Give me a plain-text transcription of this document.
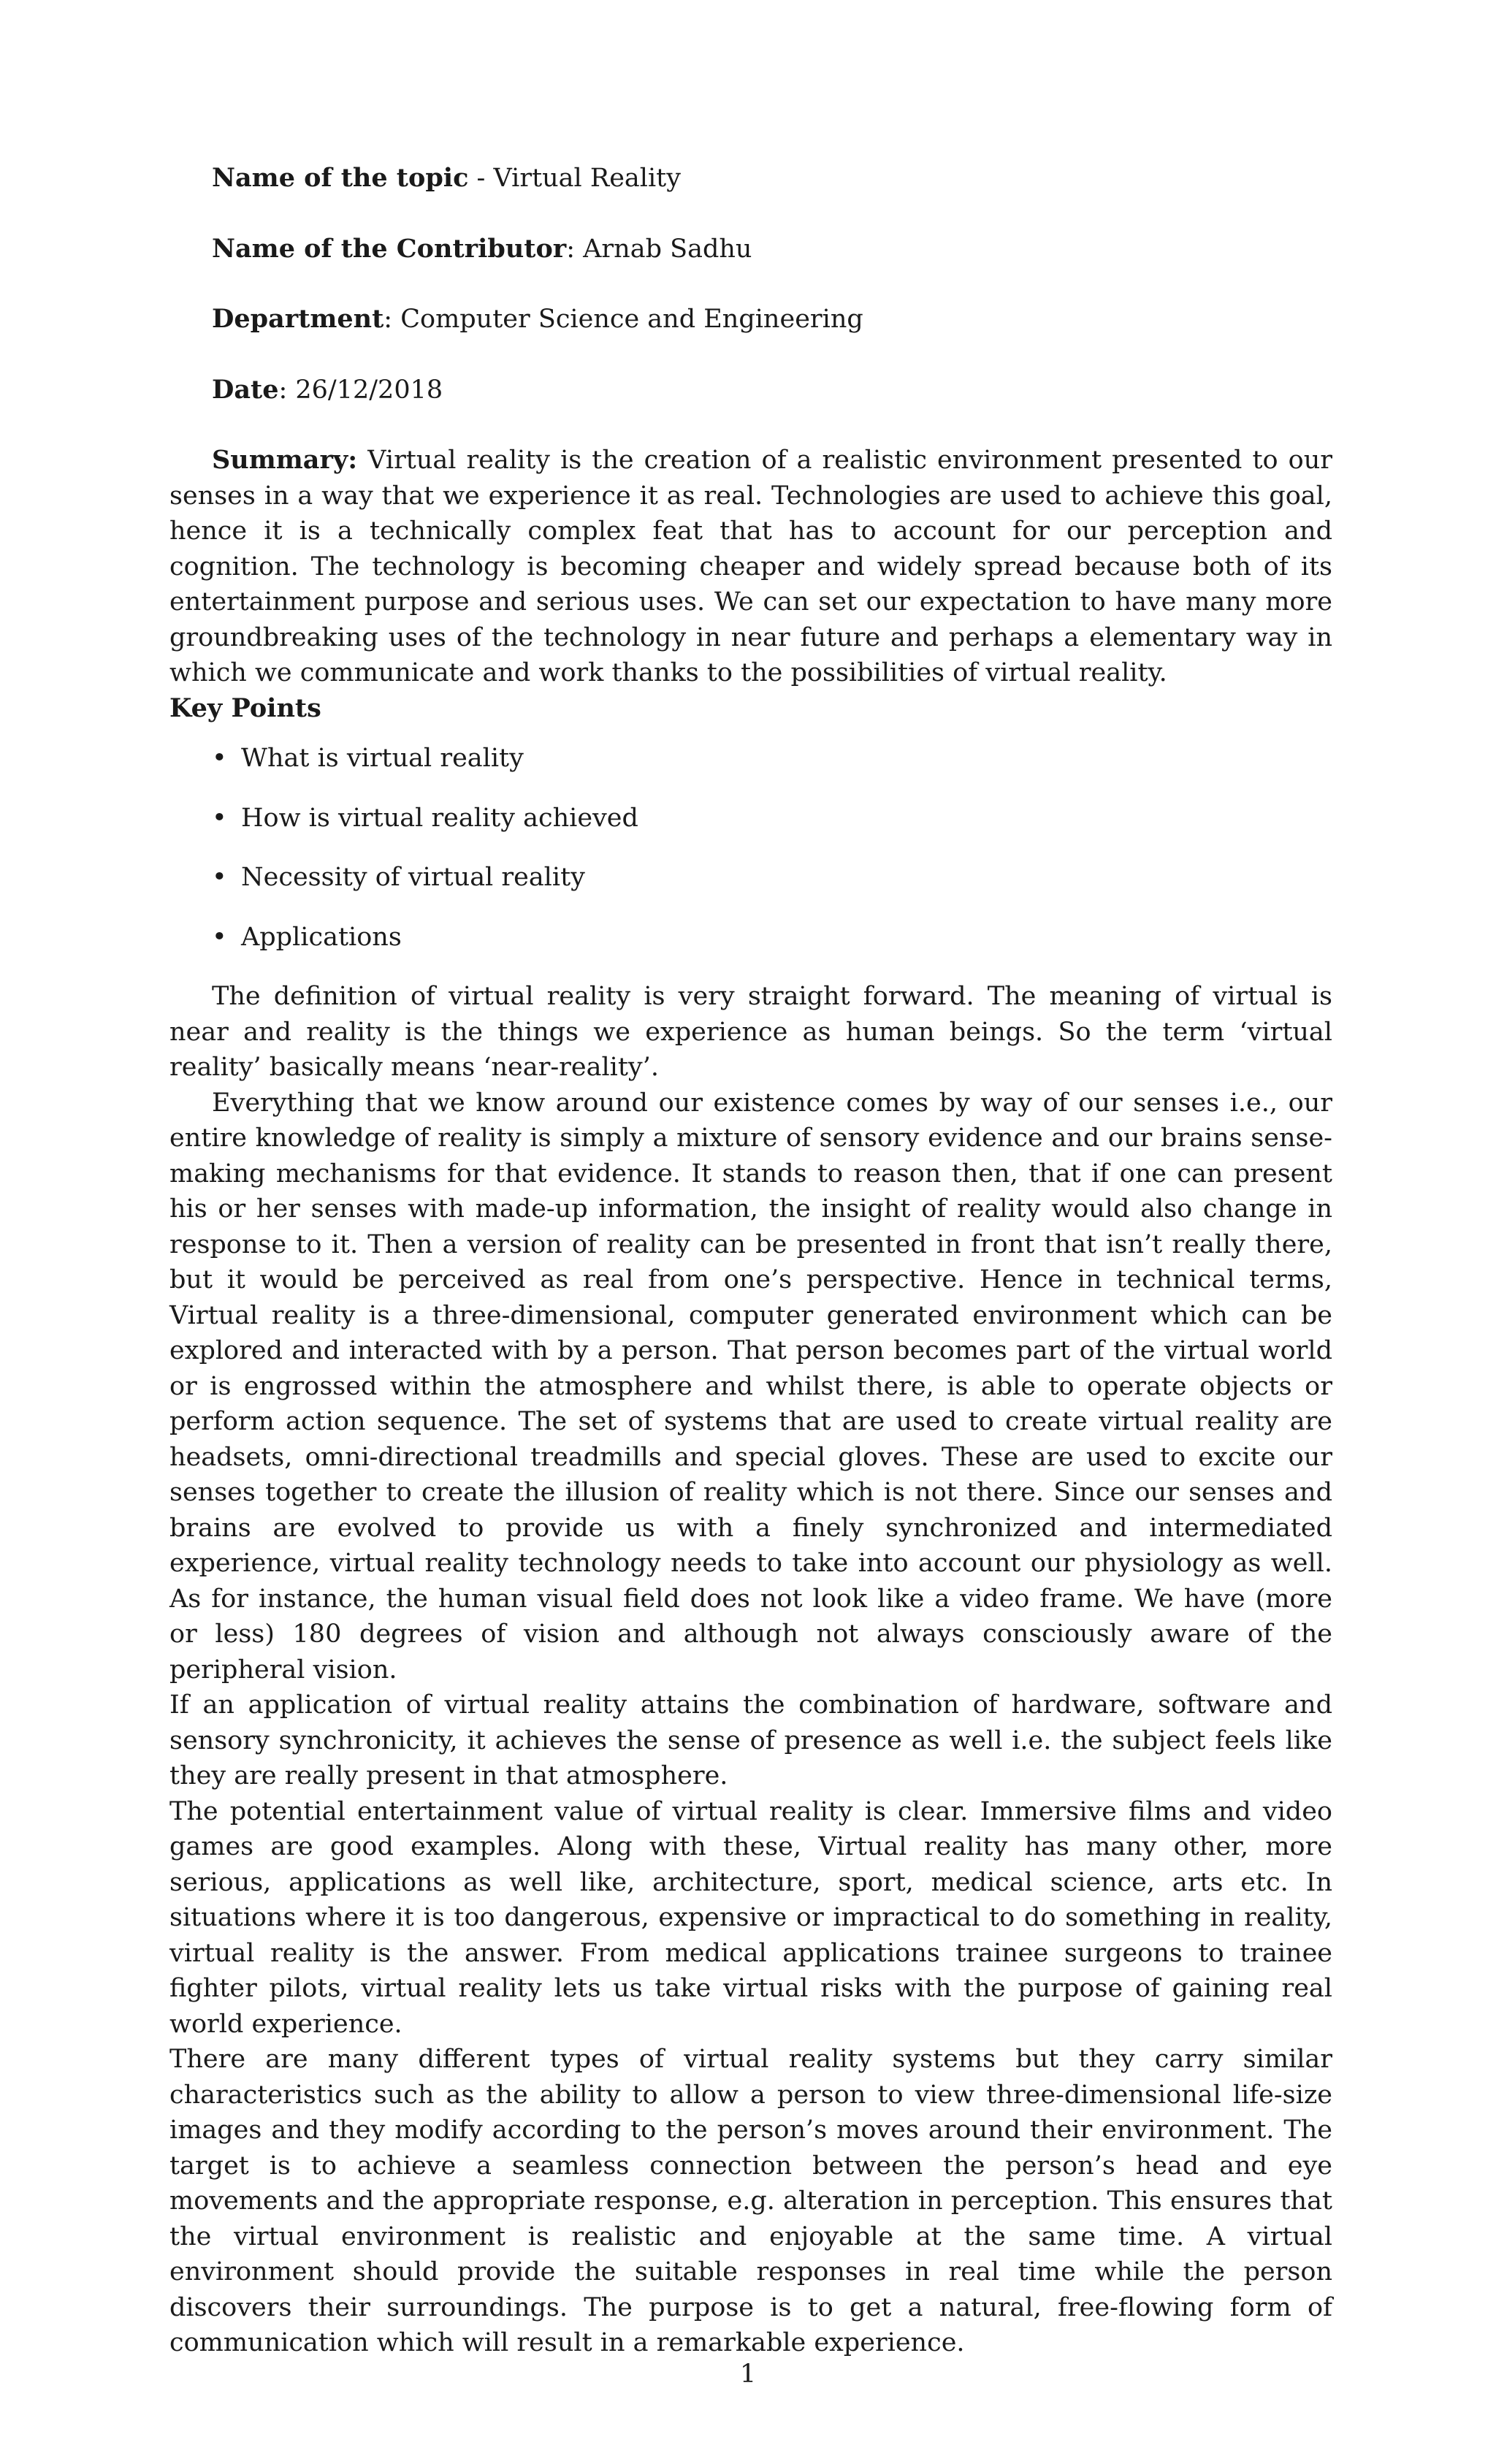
Name of the topic - Virtual Reality

Name of the Contributor: Arnab Sadhu

Department: Computer Science and Engineering

Date: 26/12/2018

Summary: Virtual reality is the creation of a realistic environment presented to our senses in a way that we experience it as real. Technologies are used to achieve this goal, hence it is a technically complex feat that has to account for our perception and cognition. The technology is becoming cheaper and widely spread because both of its entertainment purpose and serious uses. We can set our expectation to have many more groundbreaking uses of the technology in near future and perhaps a elementary way in which we communicate and work thanks to the possibilities of virtual reality.

Key Points
• What is virtual reality
• How is virtual reality achieved
• Necessity of virtual reality
• Applications

The definition of virtual reality is very straight forward. The meaning of virtual is near and reality is the things we experience as human beings. So the term ‘virtual reality’ basically means ‘near-reality’.

Everything that we know around our existence comes by way of our senses i.e., our entire knowledge of reality is simply a mixture of sensory evidence and our brains sense-making mechanisms for that evidence. It stands to reason then, that if one can present his or her senses with made-up information, the insight of reality would also change in response to it. Then a version of reality can be presented in front that isn’t really there, but it would be perceived as real from one’s perspective. Hence in technical terms, Virtual reality is a three-dimensional, computer generated environment which can be explored and interacted with by a person. That person becomes part of the virtual world or is engrossed within the atmosphere and whilst there, is able to operate objects or perform action sequence. The set of systems that are used to create virtual reality are headsets, omni-directional treadmills and special gloves. These are used to excite our senses together to create the illusion of reality which is not there. Since our senses and brains are evolved to provide us with a finely synchronized and intermediated experience, virtual reality technology needs to take into account our physiology as well. As for instance, the human visual field does not look like a video frame. We have (more or less) 180 degrees of vision and although not always consciously aware of the peripheral vision.

If an application of virtual reality attains the combination of hardware, software and sensory synchronicity, it achieves the sense of presence as well i.e. the subject feels like they are really present in that atmosphere.

The potential entertainment value of virtual reality is clear. Immersive films and video games are good examples. Along with these, Virtual reality has many other, more serious, applications as well like, architecture, sport, medical science, arts etc. In situations where it is too dangerous, expensive or impractical to do something in reality, virtual reality is the answer. From medical applications trainee surgeons to trainee fighter pilots, virtual reality lets us take virtual risks with the purpose of gaining real world experience.

There are many different types of virtual reality systems but they carry similar characteristics such as the ability to allow a person to view three-dimensional life-size images and they modify according to the person’s moves around their environment. The target is to achieve a seamless connection between the person’s head and eye movements and the appropriate response, e.g. alteration in perception. This ensures that the virtual environment is realistic and enjoyable at the same time. A virtual environment should provide the suitable responses in real time while the person discovers their surroundings. The purpose is to get a natural, free-flowing form of communication which will result in a remarkable experience.

1
